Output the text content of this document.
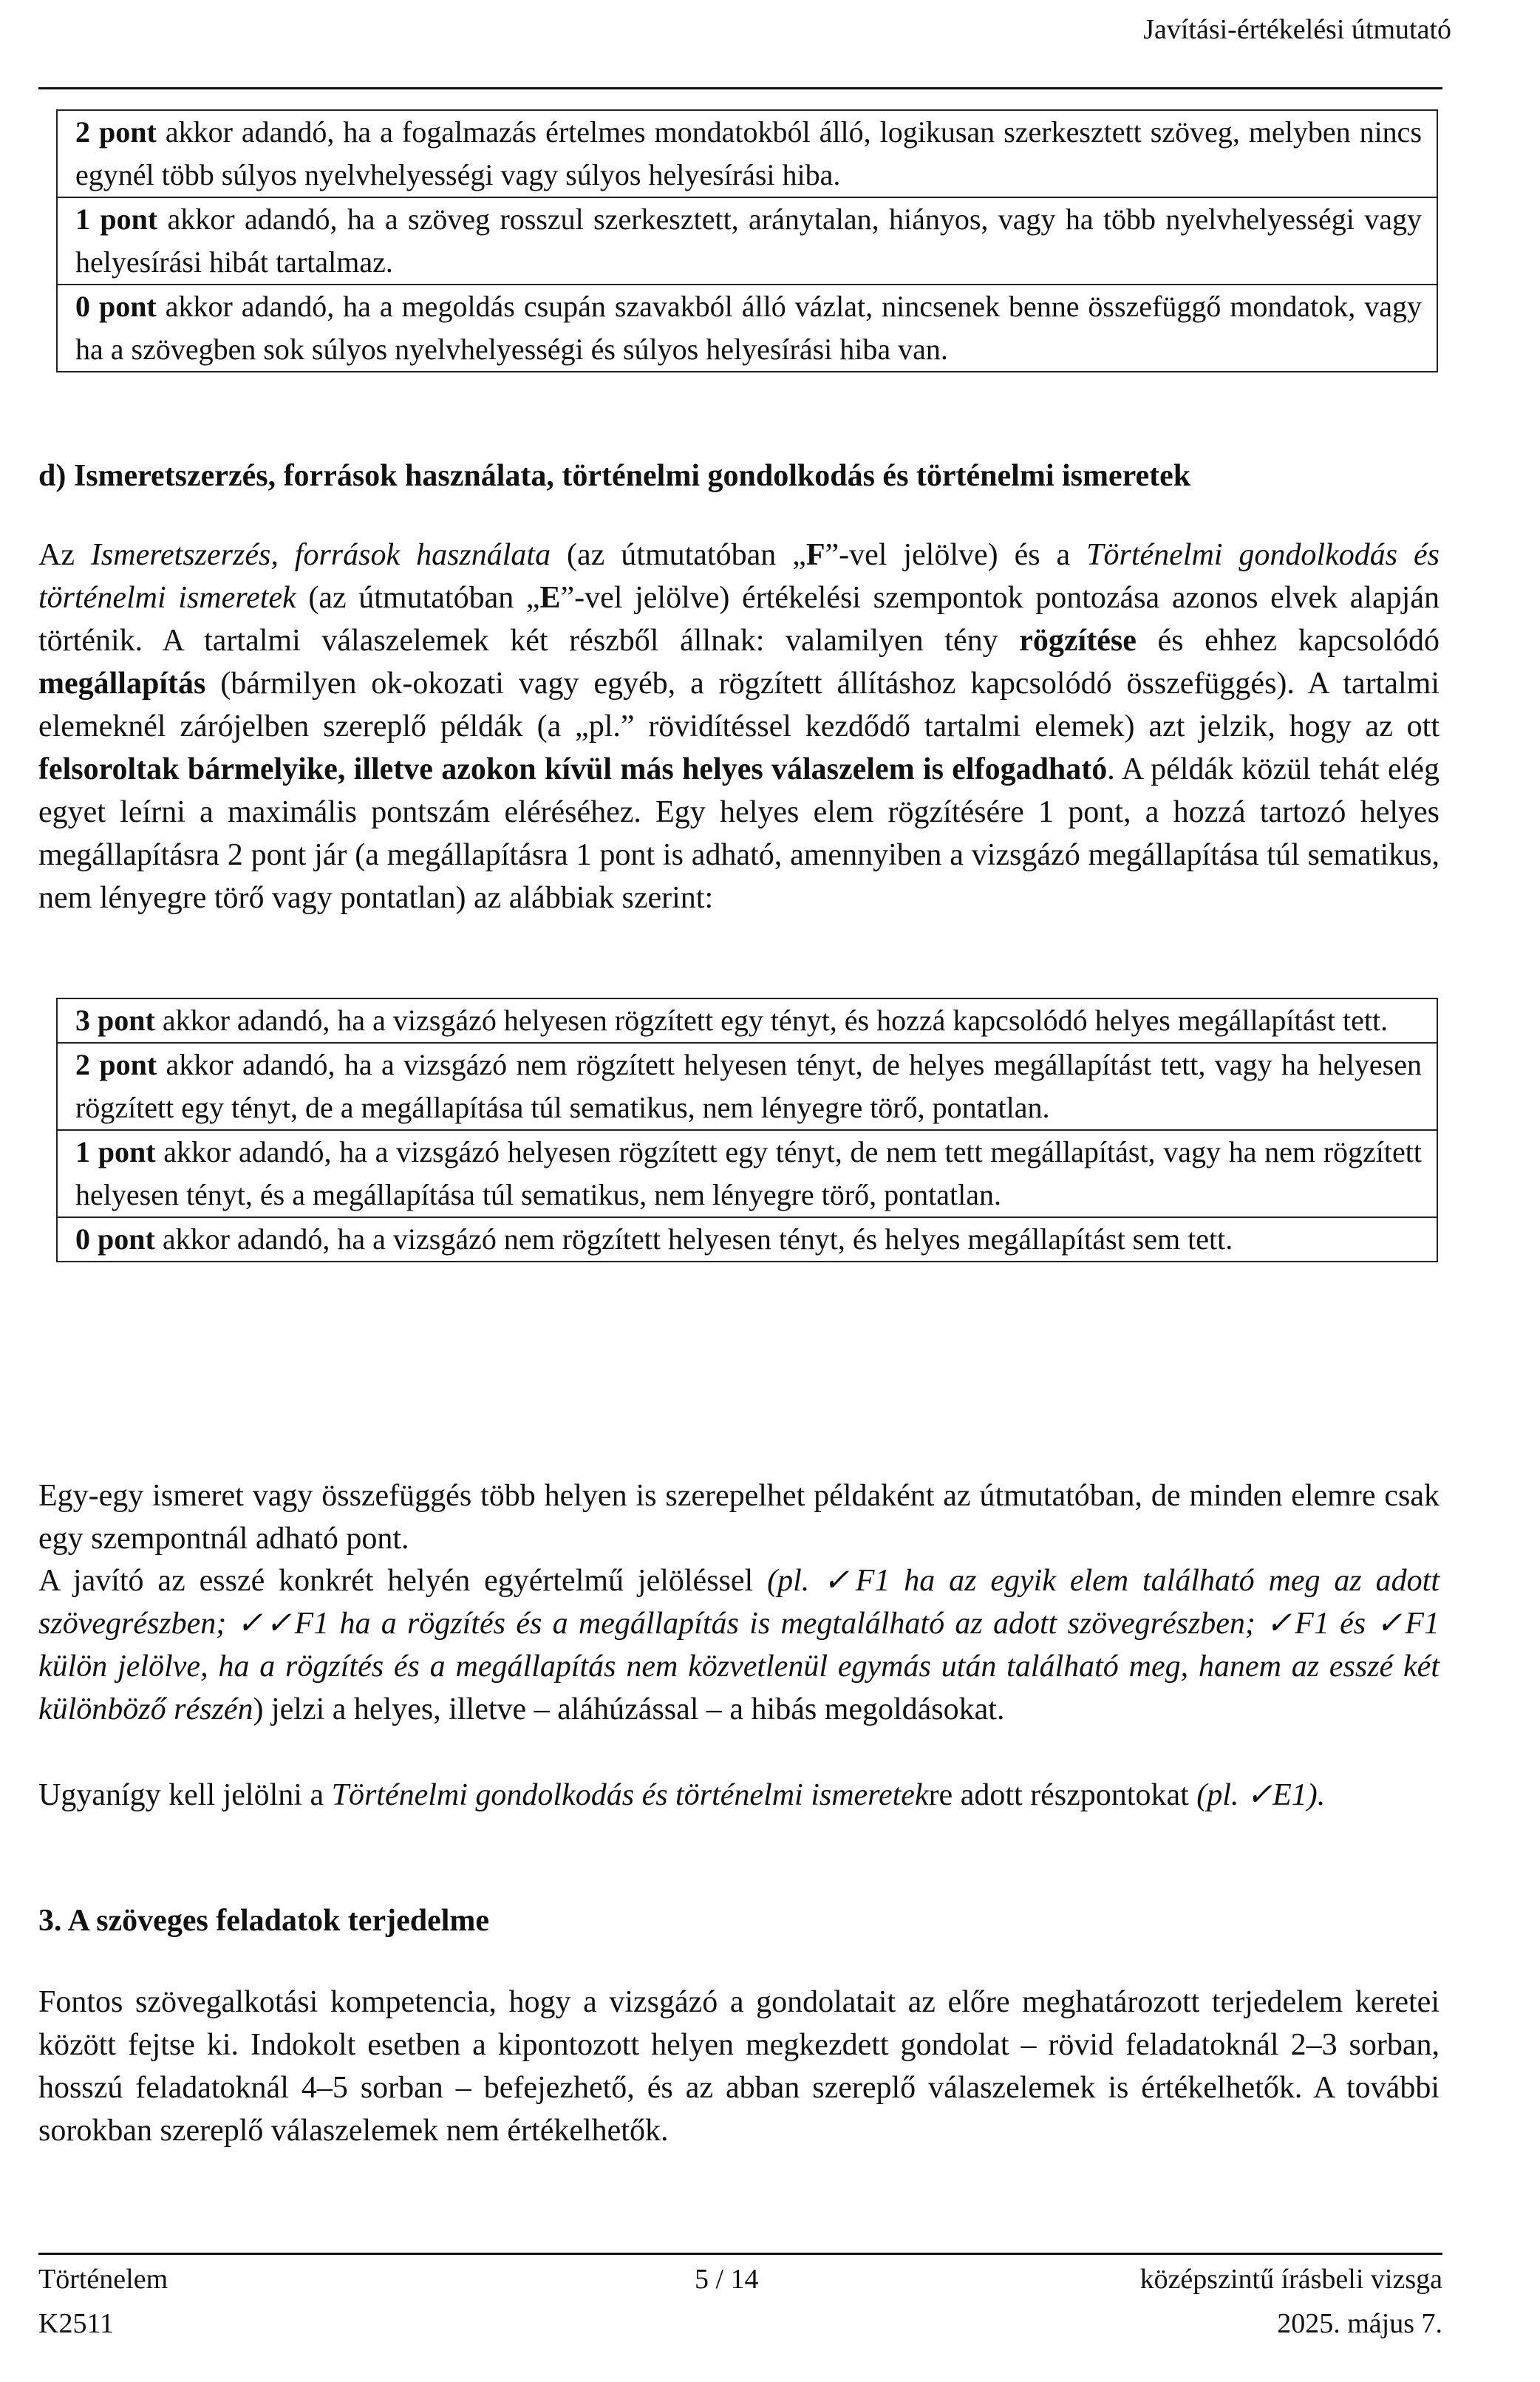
Javítási-értékelési útmutató
2 pont akkor adandó, ha a fogalmazás értelmes mondatokból álló, logikusan szerkesztett szöveg, melyben nincs egynél több súlyos nyelvhelyességi vagy súlyos helyesírási hiba.
1 pont akkor adandó, ha a szöveg rosszul szerkesztett, aránytalan, hiányos, vagy ha több nyelvhelyességi vagy helyesírási hibát tartalmaz.
0 pont akkor adandó, ha a megoldás csupán szavakból álló vázlat, nincsenek benne összefüggő mondatok, vagy ha a szövegben sok súlyos nyelvhelyességi és súlyos helyesírási hiba van.
d) Ismeretszerzés, források használata, történelmi gondolkodás és történelmi ismeretek
Az Ismeretszerzés, források használata (az útmutatóban „F”-vel jelölve) és a Történelmi gondolkodás és történelmi ismeretek (az útmutatóban „E”-vel jelölve) értékelési szempontok pontozása azonos elvek alapján történik. A tartalmi válaszelemek két részből állnak: valamilyen tény rögzítése és ehhez kapcsolódó megállapítás (bármilyen ok-okozati vagy egyéb, a rögzített állításhoz kapcsolódó összefüggés). A tartalmi elemeknél zárójelben szereplő példák (a „pl.” rövidítéssel kezdődő tartalmi elemek) azt jelzik, hogy az ott felsoroltak bármelyike, illetve azokon kívül más helyes válaszelem is elfogadható. A példák közül tehát elég egyet leírni a maximális pontszám eléréséhez. Egy helyes elem rögzítésére 1 pont, a hozzá tartozó helyes megállapításra 2 pont jár (a megállapításra 1 pont is adható, amennyiben a vizsgázó megállapítása túl sematikus, nem lényegre törő vagy pontatlan) az alábbiak szerint:
3 pont akkor adandó, ha a vizsgázó helyesen rögzített egy tényt, és hozzá kapcsolódó helyes megállapítást tett.
2 pont akkor adandó, ha a vizsgázó nem rögzített helyesen tényt, de helyes megállapítást tett, vagy ha helyesen rögzített egy tényt, de a megállapítása túl sematikus, nem lényegre törő, pontatlan.
1 pont akkor adandó, ha a vizsgázó helyesen rögzített egy tényt, de nem tett megállapítást, vagy ha nem rögzített helyesen tényt, és a megállapítása túl sematikus, nem lényegre törő, pontatlan.
0 pont akkor adandó, ha a vizsgázó nem rögzített helyesen tényt, és helyes megállapítást sem tett.
Egy-egy ismeret vagy összefüggés több helyen is szerepelhet példaként az útmutatóban, de minden elemre csak egy szempontnál adható pont.
A javító az esszé konkrét helyén egyértelmű jelöléssel (pl. ✓F1 ha az egyik elem található meg az adott szövegrészben; ✓✓F1 ha a rögzítés és a megállapítás is megtalálható az adott szövegrészben; ✓F1 és ✓F1 külön jelölve, ha a rögzítés és a megállapítás nem közvetlenül egymás után található meg, hanem az esszé két különböző részén) jelzi a helyes, illetve – aláhúzással – a hibás megoldásokat.
Ugyanígy kell jelölni a Történelmi gondolkodás és történelmi ismeretekre adott részpontokat (pl. ✓E1).
3. A szöveges feladatok terjedelme
Fontos szövegalkotási kompetencia, hogy a vizsgázó a gondolatait az előre meghatározott terjedelem keretei között fejtse ki. Indokolt esetben a kipontozott helyen megkezdett gondolat – rövid feladatoknál 2–3 sorban, hosszú feladatoknál 4–5 sorban – befejezhető, és az abban szereplő válaszelemek is értékelhetők. A további sorokban szereplő válaszelemek nem értékelhetők.
Történelem
K2511
5 / 14	középszintű írásbeli vizsga
2025. május 7.
